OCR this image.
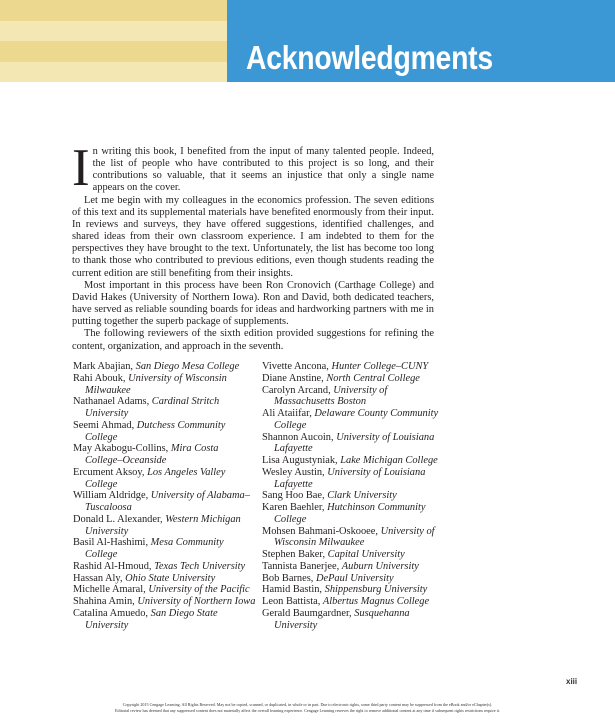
Acknowledgments

In writing this book, I benefited from the input of many talented people. Indeed, the list of people who have contributed to this project is so long, and their contributions so valuable, that it seems an injustice that only a single name appears on the cover.

Let me begin with my colleagues in the economics profession. The seven editions of this text and its supplemental materials have benefited enormously from their input. In reviews and surveys, they have offered suggestions, identified challenges, and shared ideas from their own classroom experience. I am indebted to them for the perspectives they have brought to the text. Unfortunately, the list has become too long to thank those who contributed to previous editions, even though students reading the current edition are still benefiting from their insights.

Most important in this process have been Ron Cronovich (Carthage College) and David Hakes (University of Northern Iowa). Ron and David, both dedicated teachers, have served as reliable sounding boards for ideas and hardworking partners with me in putting together the superb package of supplements.

The following reviewers of the sixth edition provided suggestions for refining the content, organization, and approach in the seventh.

Mark Abajian, San Diego Mesa College
Rahi Abouk, University of Wisconsin Milwaukee
Nathanael Adams, Cardinal Stritch University
Seemi Ahmad, Dutchess Community College
May Akabogu-Collins, Mira Costa College–Oceanside
Ercument Aksoy, Los Angeles Valley College
William Aldridge, University of Alabama–Tuscaloosa
Donald L. Alexander, Western Michigan University
Basil Al-Hashimi, Mesa Community College
Rashid Al-Hmoud, Texas Tech University
Hassan Aly, Ohio State University
Michelle Amaral, University of the Pacific
Shahina Amin, University of Northern Iowa
Catalina Amuedo, San Diego State University
Vivette Ancona, Hunter College–CUNY
Diane Anstine, North Central College
Carolyn Arcand, University of Massachusetts Boston
Ali Ataiifar, Delaware County Community College
Shannon Aucoin, University of Louisiana Lafayette
Lisa Augustyniak, Lake Michigan College
Wesley Austin, University of Louisiana Lafayette
Sang Hoo Bae, Clark University
Karen Baehler, Hutchinson Community College
Mohsen Bahmani-Oskooee, University of Wisconsin Milwaukee
Stephen Baker, Capital University
Tannista Banerjee, Auburn University
Bob Barnes, DePaul University
Hamid Bastin, Shippensburg University
Leon Battista, Albertus Magnus College
Gerald Baumgardner, Susquehanna University
xiii
Copyright 2015 Cengage Learning. All Rights Reserved. May not be copied, scanned, or duplicated, in whole or in part. Due to electronic rights, some third party content may be suppressed from the eBook and/or eChapter(s).
Editorial review has deemed that any suppressed content does not materially affect the overall learning experience. Cengage Learning reserves the right to remove additional content at any time if subsequent rights restrictions require it.
